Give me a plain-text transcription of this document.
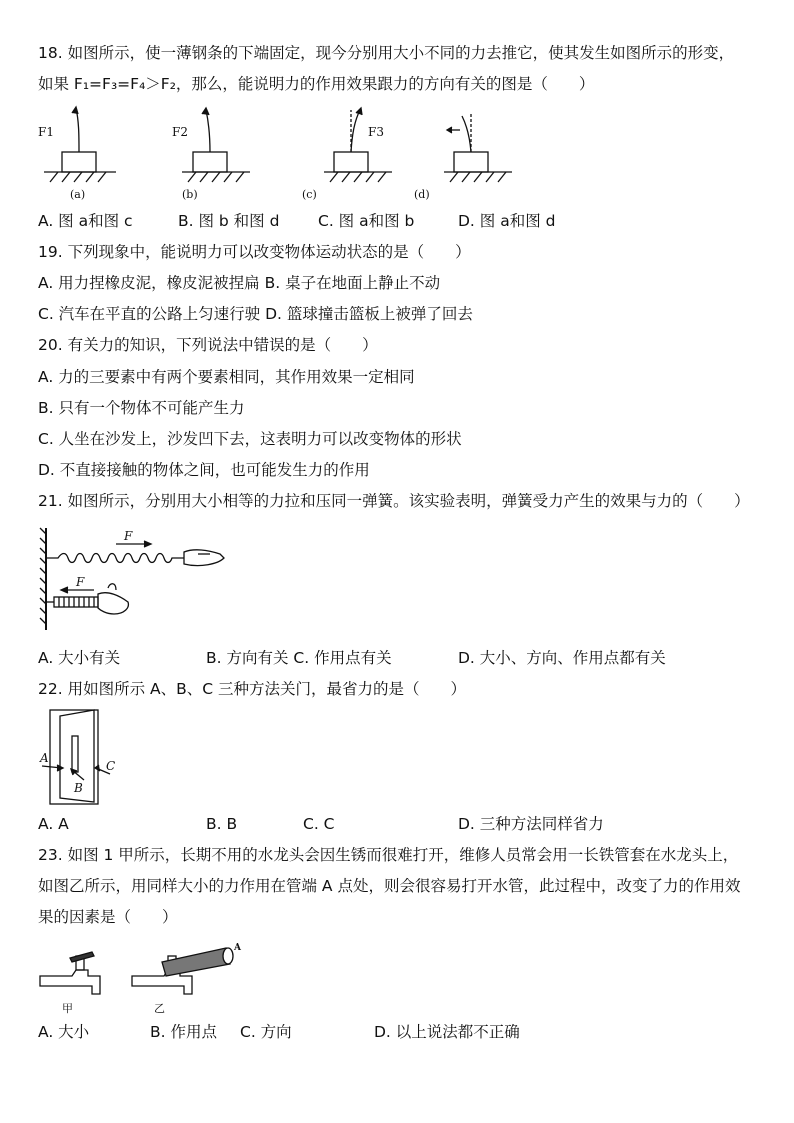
18. 如图所示，使一薄钢条的下端固定，现今分别用大小不同的力去推它，使其发生如图所示的形变，
如果 F₁=F₃=F₄＞F₂，那么，能说明力的作用效果跟力的方向有关的图是（　　）
F1	F2	F3
(a)	(b)	(c)	(d)
A. 图 a和图 c	B. 图 b 和图 d C. 图 a和图 b	D. 图 a和图 d
19. 下列现象中，能说明力可以改变物体运动状态的是（　　）
A. 用力捏橡皮泥，橡皮泥被捏扁 B. 桌子在地面上静止不动
C. 汽车在平直的公路上匀速行驶 D. 篮球撞击篮板上被弹了回去
20. 有关力的知识，下列说法中错误的是（　　）
A. 力的三要素中有两个要素相同，其作用效果一定相同
B. 只有一个物体不可能产生力
C. 人坐在沙发上，沙发凹下去，这表明力可以改变物体的形状
D. 不直接接触的物体之间，也可能发生力的作用
21. 如图所示，分别用大小相等的力拉和压同一弹簧。该实验表明，弹簧受力产生的效果与力的（　　）
F
F
A. 大小有关	B. 方向有关 C. 作用点有关	D. 大小、方向、作用点都有关
22. 用如图所示 A、B、C 三种方法关门，最省力的是（　　）
A
B
C
A. A	B. B	C. C	D. 三种方法同样省力
23. 如图 1 甲所示，长期不用的水龙头会因生锈而很难打开，维修人员常会用一长铁管套在水龙头上，
如图乙所示，用同样大小的力作用在管端 A 点处，则会很容易打开水管，此过程中，改变了力的作用效
果的因素是（　　）
甲	乙
A
A. 大小	B. 作用点 C. 方向	D. 以上说法都不正确
